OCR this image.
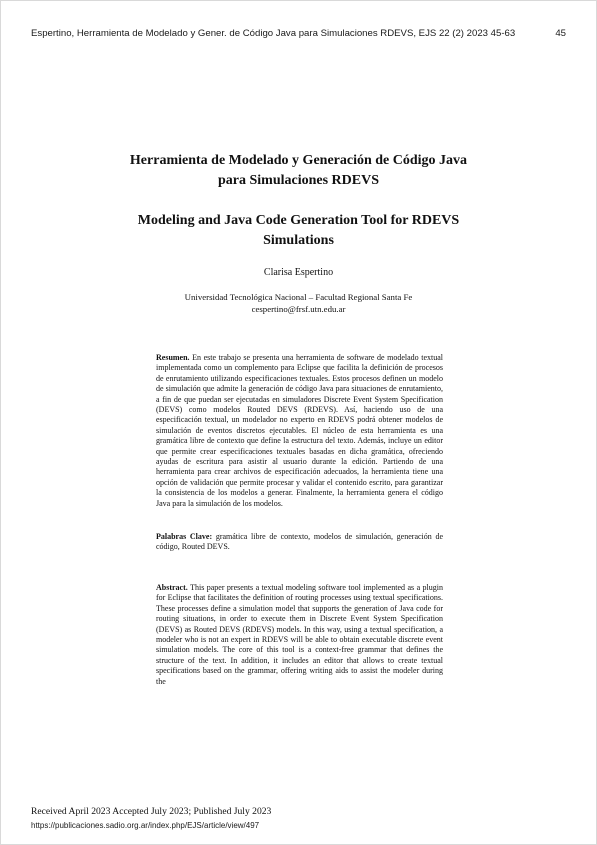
Espertino, Herramienta de Modelado y Gener. de Código Java para Simulaciones RDEVS, EJS 22 (2) 2023 45-63	45
Herramienta de Modelado y Generación de Código Java
para Simulaciones RDEVS
Modeling and Java Code Generation Tool for RDEVS
Simulations
Clarisa Espertino
Universidad Tecnológica Nacional – Facultad Regional Santa Fe
cespertino@frsf.utn.edu.ar
Resumen. En este trabajo se presenta una herramienta de software de modelado textual implementada como un complemento para Eclipse que facilita la definición de procesos de enrutamiento utilizando especificaciones textuales. Estos procesos definen un modelo de simulación que admite la generación de código Java para situaciones de enrutamiento, a fin de que puedan ser ejecutadas en simuladores Discrete Event System Specification (DEVS) como modelos Routed DEVS (RDEVS). Así, haciendo uso de una especificación textual, un modelador no experto en RDEVS podrá obtener modelos de simulación de eventos discretos ejecutables. El núcleo de esta herramienta es una gramática libre de contexto que define la estructura del texto. Además, incluye un editor que permite crear especificaciones textuales basadas en dicha gramática, ofreciendo ayudas de escritura para asistir al usuario durante la edición. Partiendo de una herramienta para crear archivos de especificación adecuados, la herramienta tiene una opción de validación que permite procesar y validar el contenido escrito, para garantizar la consistencia de los modelos a generar. Finalmente, la herramienta genera el código Java para la simulación de los modelos.
Palabras Clave: gramática libre de contexto, modelos de simulación, generación de código, Routed DEVS.
Abstract. This paper presents a textual modeling software tool implemented as a plugin for Eclipse that facilitates the definition of routing processes using textual specifications. These processes define a simulation model that supports the generation of Java code for routing situations, in order to execute them in Discrete Event System Specification (DEVS) as Routed DEVS (RDEVS) models. In this way, using a textual specification, a modeler who is not an expert in RDEVS will be able to obtain executable discrete event simulation models. The core of this tool is a context-free grammar that defines the structure of the text. In addition, it includes an editor that allows to create textual specifications based on the grammar, offering writing aids to assist the modeler during the
Received April 2023 Accepted July 2023; Published July 2023
https://publicaciones.sadio.org.ar/index.php/EJS/article/view/497
